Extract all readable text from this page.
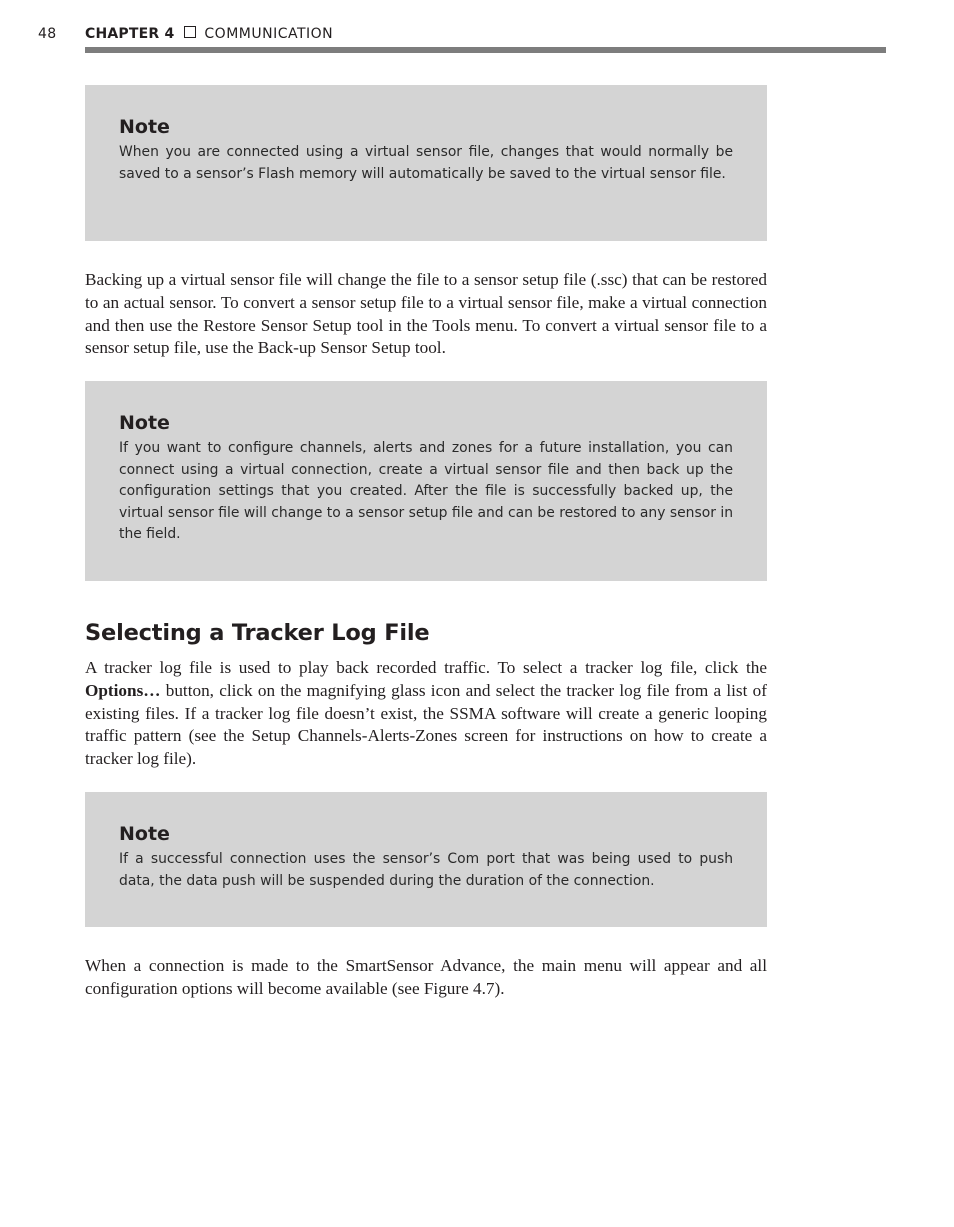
48 CHAPTER 4 COMMUNICATION
Note

When you are connected using a virtual sensor file, changes that would normally be saved to a sensor’s Flash memory will automatically be saved to the virtual sensor file.

Backing up a virtual sensor file will change the file to a sensor setup file (.ssc) that can be restored to an actual sensor. To convert a sensor setup file to a virtual sensor file, make a virtual connection and then use the Restore Sensor Setup tool in the Tools menu. To convert a virtual sensor file to a sensor setup file, use the Back-up Sensor Setup tool.

Note

If you want to configure channels, alerts and zones for a future installation, you can connect using a virtual connection, create a virtual sensor file and then back up the configuration settings that you created. After the file is successfully backed up, the virtual sensor file will change to a sensor setup file and can be restored to any sensor in the field.

Selecting a Tracker Log File

A tracker log file is used to play back recorded traffic. To select a tracker log file, click the Options… button, click on the magnifying glass icon and select the tracker log file from a list of existing files. If a tracker log file doesn’t exist, the SSMA software will create a generic looping traffic pattern (see the Setup Channels-Alerts-Zones screen for instructions on how to create a tracker log file).

Note

If a successful connection uses the sensor’s Com port that was being used to push data, the data push will be suspended during the duration of the connection.

When a connection is made to the SmartSensor Advance, the main menu will appear and all configuration options will become available (see Figure 4.7).
